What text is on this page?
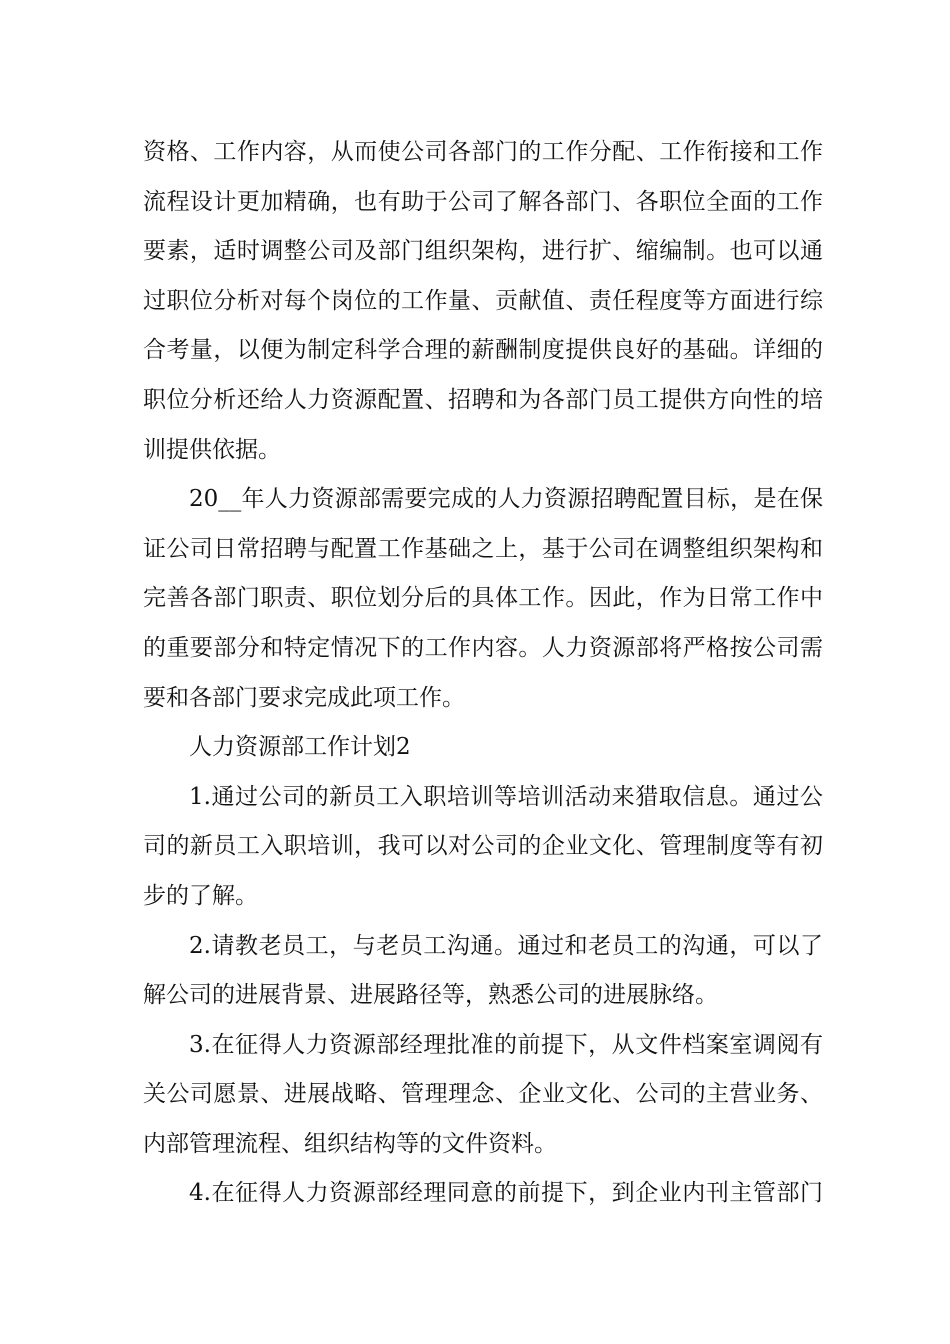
资格、工作内容，从而使公司各部门的工作分配、工作衔接和工作
流程设计更加精确，也有助于公司了解各部门、各职位全面的工作
要素，适时调整公司及部门组织架构，进行扩、缩编制。也可以通
过职位分析对每个岗位的工作量、贡献值、责任程度等方面进行综
合考量，以便为制定科学合理的薪酬制度提供良好的基础。详细的
职位分析还给人力资源配置、招聘和为各部门员工提供方向性的培
训提供依据。
20__年人力资源部需要完成的人力资源招聘配置目标，是在保
证公司日常招聘与配置工作基础之上，基于公司在调整组织架构和
完善各部门职责、职位划分后的具体工作。因此，作为日常工作中
的重要部分和特定情况下的工作内容。人力资源部将严格按公司需
要和各部门要求完成此项工作。
人力资源部工作计划2
1.通过公司的新员工入职培训等培训活动来猎取信息。通过公
司的新员工入职培训，我可以对公司的企业文化、管理制度等有初
步的了解。
2.请教老员工，与老员工沟通。通过和老员工的沟通，可以了
解公司的进展背景、进展路径等，熟悉公司的进展脉络。
3.在征得人力资源部经理批准的前提下，从文件档案室调阅有
关公司愿景、进展战略、管理理念、企业文化、公司的主营业务、
内部管理流程、组织结构等的文件资料。
4.在征得人力资源部经理同意的前提下，到企业内刊主管部门
